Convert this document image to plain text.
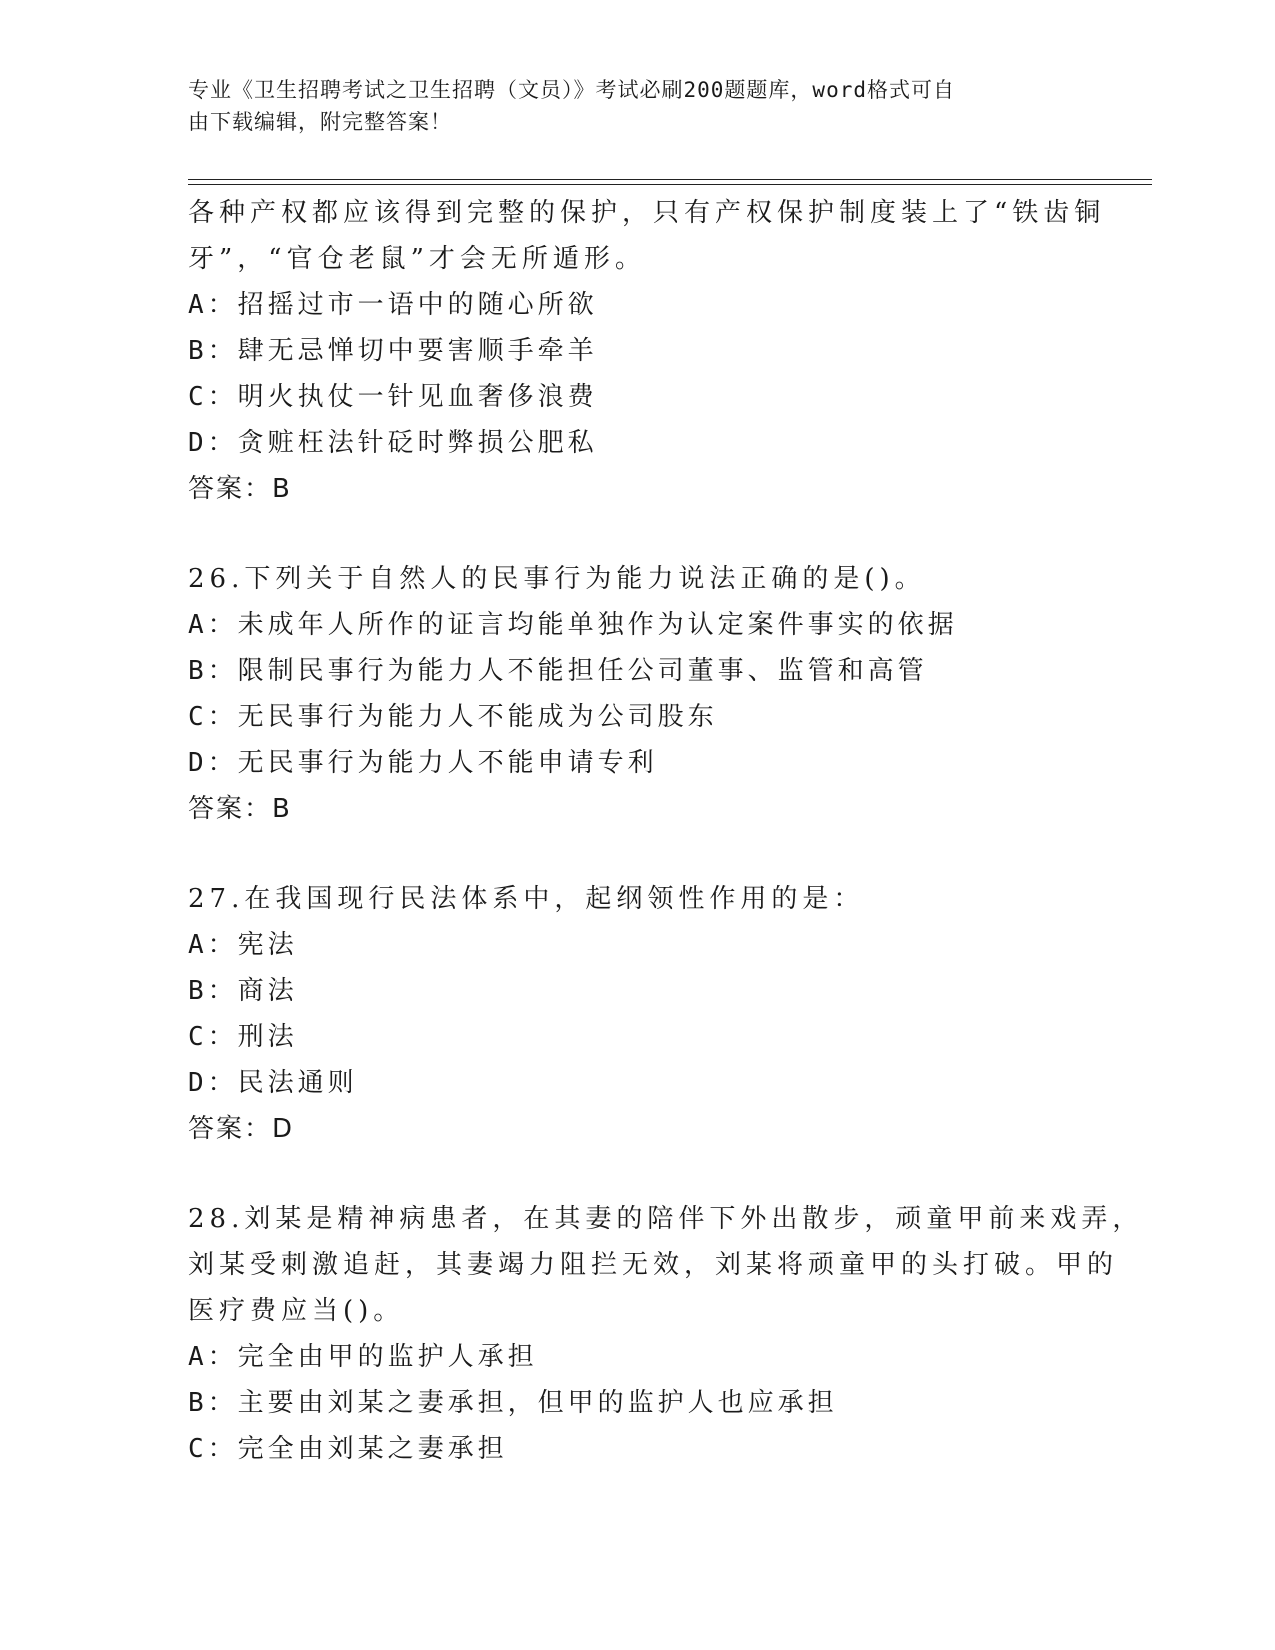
专业《卫生招聘考试之卫生招聘（文员）》考试必刷200题题库，word格式可自
由下载编辑，附完整答案！
各种产权都应该得到完整的保护，只有产权保护制度装上了“铁齿铜
牙”，“官仓老鼠”才会无所遁形。
A：招摇过市一语中的随心所欲
B：肆无忌惮切中要害顺手牵羊
C：明火执仗一针见血奢侈浪费
D：贪赃枉法针砭时弊损公肥私
答案：B
26.下列关于自然人的民事行为能力说法正确的是()。
A：未成年人所作的证言均能单独作为认定案件事实的依据
B：限制民事行为能力人不能担任公司董事、监管和高管
C：无民事行为能力人不能成为公司股东
D：无民事行为能力人不能申请专利
答案：B
27.在我国现行民法体系中，起纲领性作用的是：
A：宪法
B：商法
C：刑法
D：民法通则
答案：D
28.刘某是精神病患者，在其妻的陪伴下外出散步，顽童甲前来戏弄，
刘某受刺激追赶，其妻竭力阻拦无效，刘某将顽童甲的头打破。甲的
医疗费应当()。
A：完全由甲的监护人承担
B：主要由刘某之妻承担，但甲的监护人也应承担
C：完全由刘某之妻承担
